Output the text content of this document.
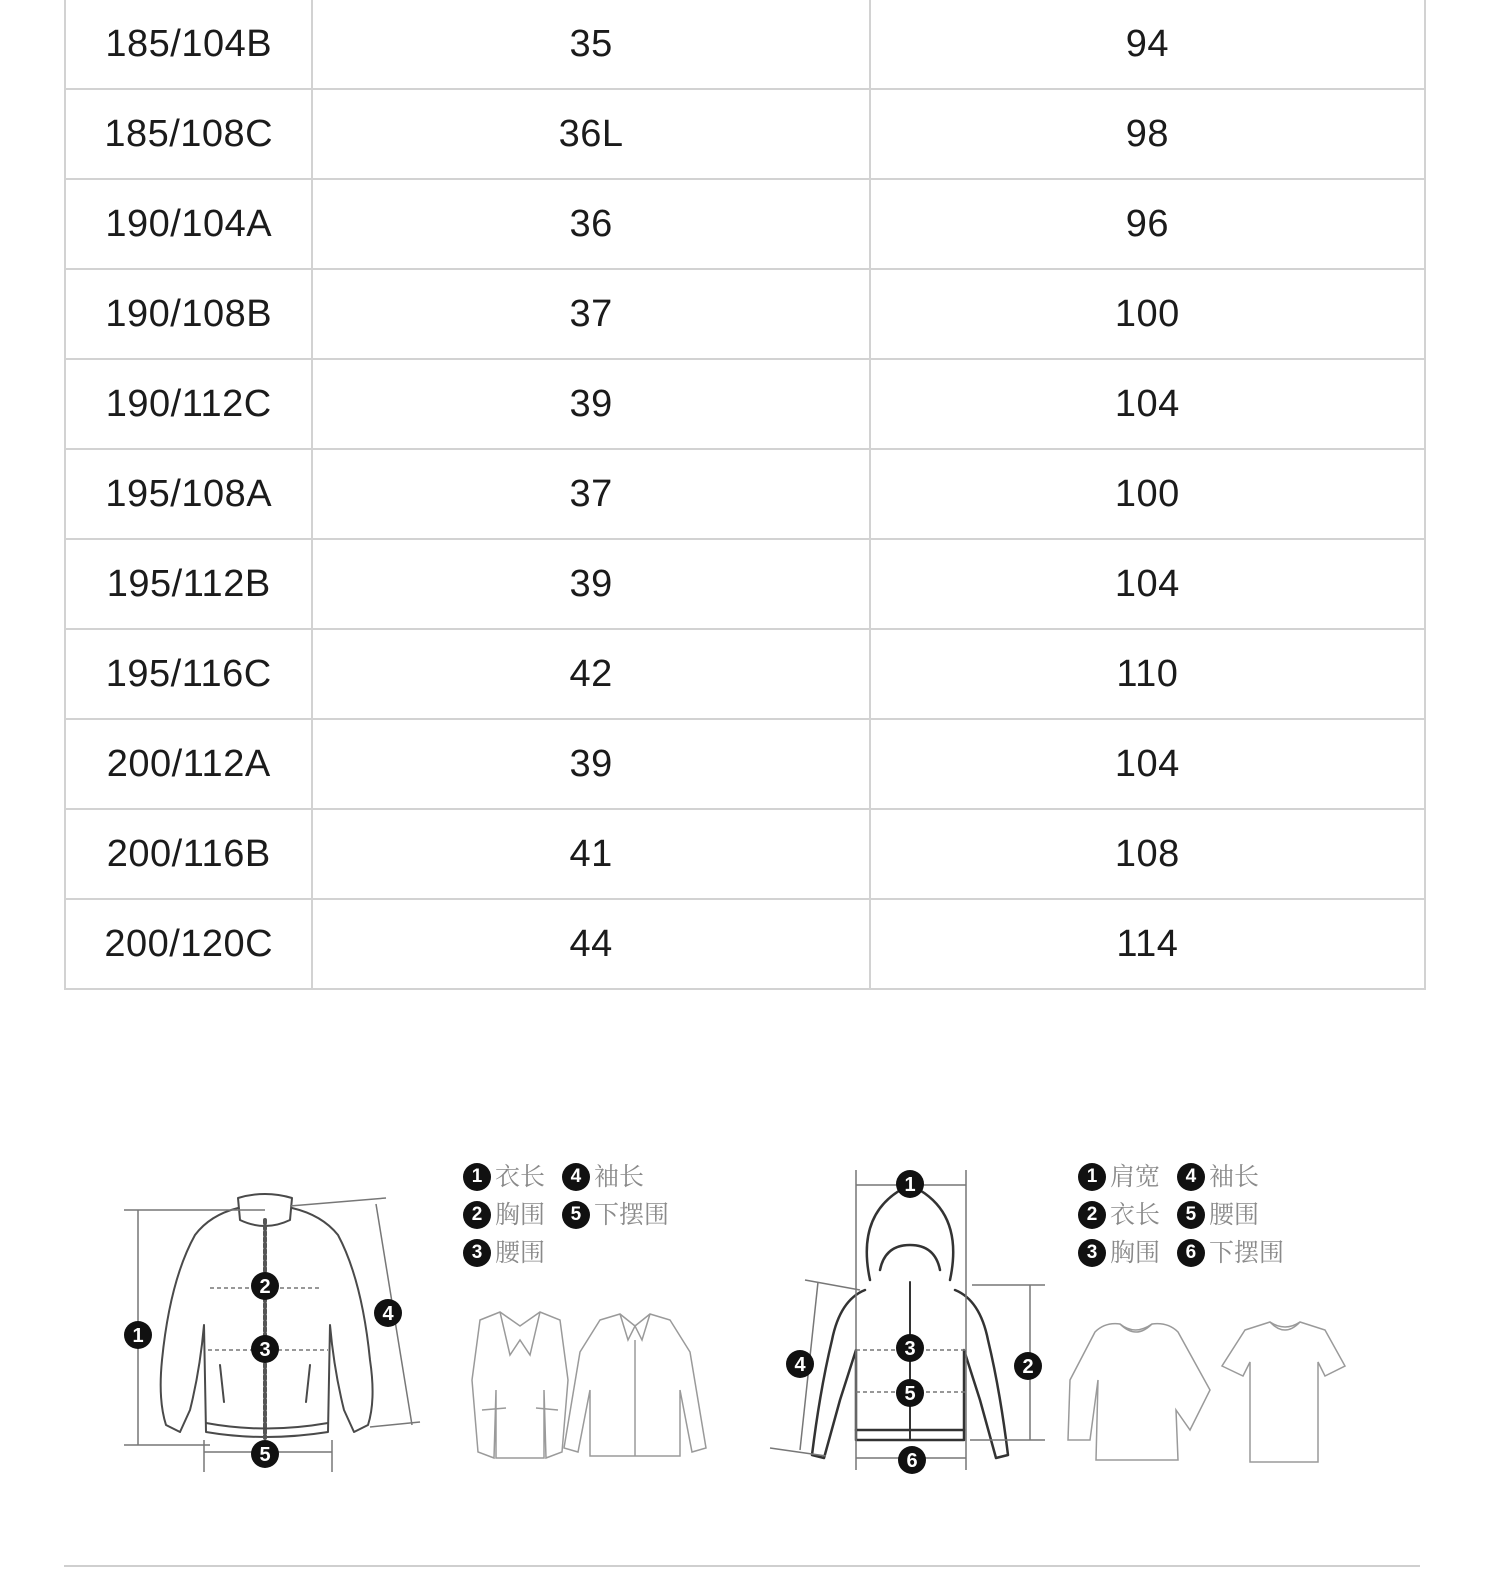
185/104B	35	94
185/108C	36L	98
190/104A	36	96
190/108B	37	100
190/112C	39	104
195/108A	37	100
195/112B	39	104
195/116C	42	110
200/112A	39	104
200/116B	41	108
200/120C	44	114
1
2
3
4
5
1 衣长
	4 袖长
2 胸围
	5 下摆围
3 腰围
1
2
3
4
5
6
1 肩宽
	4 袖长
2 衣长
	5 腰围
3 胸围
	6 下摆围
